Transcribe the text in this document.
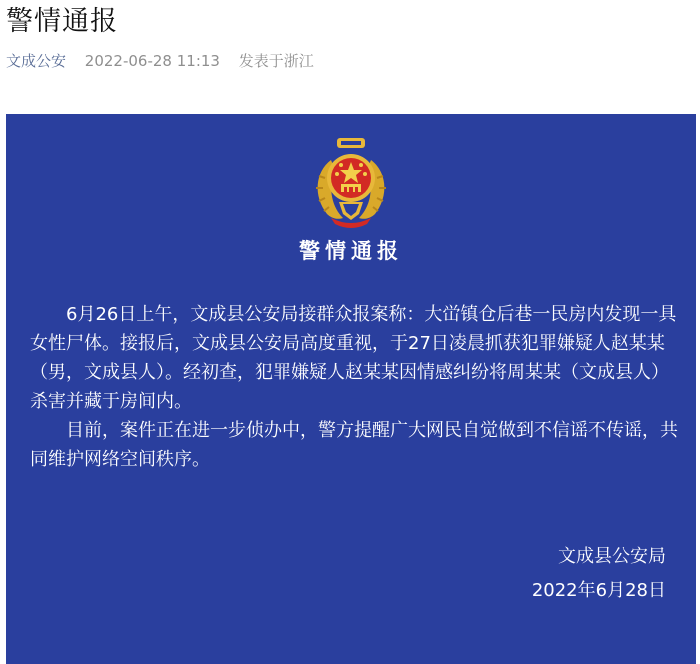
警情通报
文成公安 2022-06-28 11:13 发表于浙江
警情通报

6月26日上午，文成县公安局接群众报案称：大峃镇仓后巷一民房内发现一具女性尸体。接报后，文成县公安局高度重视，于27日凌晨抓获犯罪嫌疑人赵某某（男，文成县人）。经初查，犯罪嫌疑人赵某某因情感纠纷将周某某（文成县人）杀害并藏于房间内。

目前，案件正在进一步侦办中，警方提醒广大网民自觉做到不信谣不传谣，共同维护网络空间秩序。

文成县公安局
2022年6月28日
